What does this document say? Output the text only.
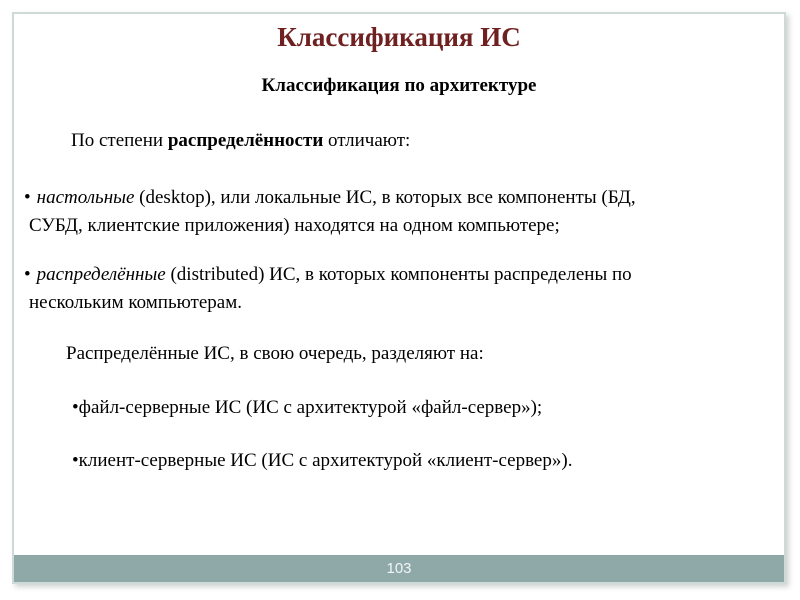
Классификация ИС
Классификация по архитектуре

По степени распределённости отличают:

• настольные (desktop), или локальные ИС, в которых все компоненты (БД,
СУБД, клиентские приложения) находятся на одном компьютере;
• распределённые (distributed) ИС, в которых компоненты распределены по
нескольким компьютерам.

Распределённые ИС, в свою очередь, разделяют на:

•файл-серверные ИС (ИС с архитектурой «файл-сервер»);

•клиент-серверные ИС (ИС с архитектурой «клиент-сервер»).

103
